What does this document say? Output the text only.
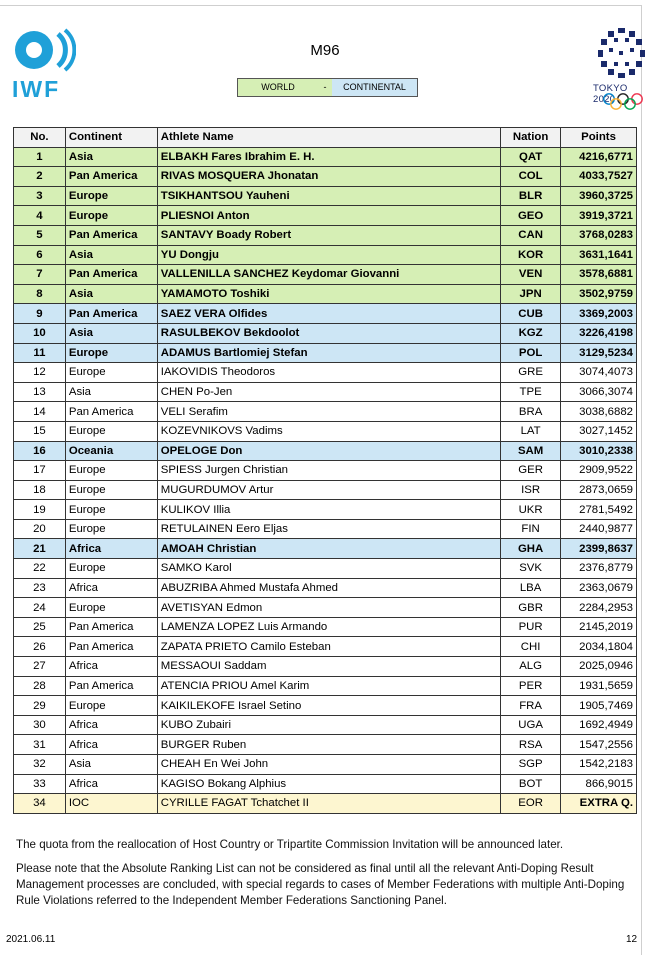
IWF
M96
WORLD	-	CONTINENTAL	TOKYO 2020
No.	Continent	Athlete Name	Nation	Points
1	Asia	ELBAKH Fares Ibrahim E. H.	QAT	4216,6771
2	Pan America	RIVAS MOSQUERA Jhonatan	COL	4033,7527
3	Europe	TSIKHANTSOU Yauheni	BLR	3960,3725
4	Europe	PLIESNOI Anton	GEO	3919,3721
5	Pan America	SANTAVY Boady Robert	CAN	3768,0283
6	Asia	YU Dongju	KOR	3631,1641
7	Pan America	VALLENILLA SANCHEZ Keydomar Giovanni	VEN	3578,6881
8	Asia	YAMAMOTO Toshiki	JPN	3502,9759
9	Pan America	SAEZ VERA Olfides	CUB	3369,2003
10	Asia	RASULBEKOV Bekdoolot	KGZ	3226,4198
11	Europe	ADAMUS Bartlomiej Stefan	POL	3129,5234
12	Europe	IAKOVIDIS Theodoros	GRE	3074,4073
13	Asia	CHEN Po-Jen	TPE	3066,3074
14	Pan America	VELI Serafim	BRA	3038,6882
15	Europe	KOZEVNIKOVS Vadims	LAT	3027,1452
16	Oceania	OPELOGE Don	SAM	3010,2338
17	Europe	SPIESS Jurgen Christian	GER	2909,9522
18	Europe	MUGURDUMOV Artur	ISR	2873,0659
19	Europe	KULIKOV Illia	UKR	2781,5492
20	Europe	RETULAINEN Eero Eljas	FIN	2440,9877
21	Africa	AMOAH Christian	GHA	2399,8637
22	Europe	SAMKO Karol	SVK	2376,8779
23	Africa	ABUZRIBA Ahmed Mustafa Ahmed	LBA	2363,0679
24	Europe	AVETISYAN Edmon	GBR	2284,2953
25	Pan America	LAMENZA LOPEZ Luis Armando	PUR	2145,2019
26	Pan America	ZAPATA PRIETO Camilo Esteban	CHI	2034,1804
27	Africa	MESSAOUI Saddam	ALG	2025,0946
28	Pan America	ATENCIA PRIOU Amel Karim	PER	1931,5659
29	Europe	KAIKILEKOFE Israel Setino	FRA	1905,7469
30	Africa	KUBO Zubairi	UGA	1692,4949
31	Africa	BURGER Ruben	RSA	1547,2556
32	Asia	CHEAH En Wei John	SGP	1542,2183
33	Africa	KAGISO Bokang Alphius	BOT	866,9015
34	IOC	CYRILLE FAGAT Tchatchet II	EOR	EXTRA Q.

The quota from the reallocation of Host Country or Tripartite Commission Invitation will be announced later.

Please note that the Absolute Ranking List can not be considered as final until all the relevant Anti-Doping Result Management processes are concluded, with special regards to cases of Member Federations with multiple Anti-Doping Rule Violations referred to the Independent Member Federations Sanctioning Panel.

2021.06.11	12
